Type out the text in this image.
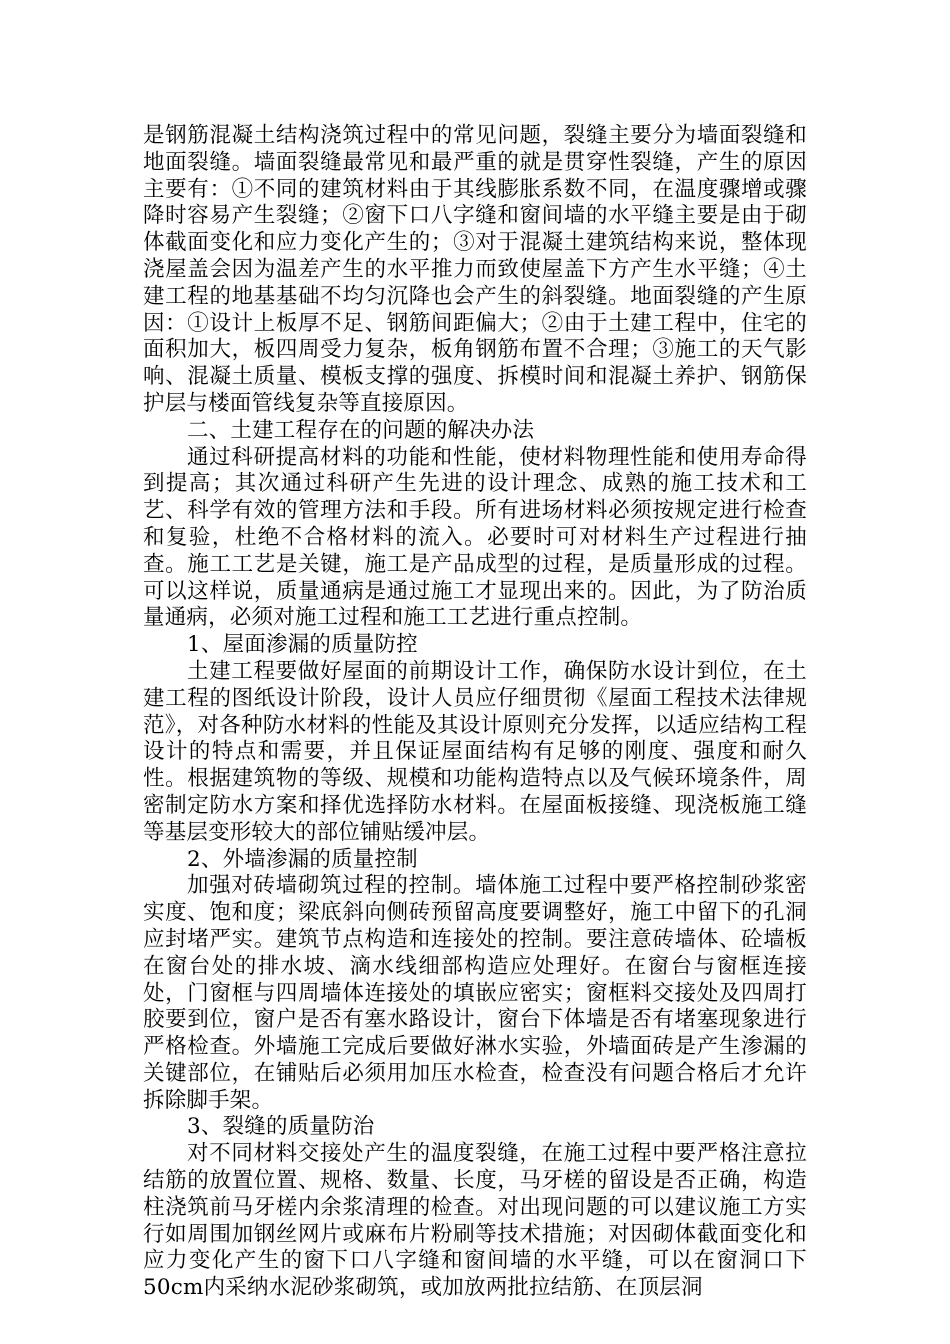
是钢筋混凝土结构浇筑过程中的常见问题，裂缝主要分为墙面裂缝和地面裂缝。墙面裂缝最常见和最严重的就是贯穿性裂缝，产生的原因主要有：①不同的建筑材料由于其线膨胀系数不同，在温度骤增或骤降时容易产生裂缝；②窗下口八字缝和窗间墙的水平缝主要是由于砌体截面变化和应力变化产生的；③对于混凝土建筑结构来说，整体现浇屋盖会因为温差产生的水平推力而致使屋盖下方产生水平缝；④土建工程的地基基础不均匀沉降也会产生的斜裂缝。地面裂缝的产生原因：①设计上板厚不足、钢筋间距偏大；②由于土建工程中，住宅的面积加大，板四周受力复杂，板角钢筋布置不合理；③施工的天气影响、混凝土质量、模板支撑的强度、拆模时间和混凝土养护、钢筋保护层与楼面管线复杂等直接原因。

二、土建工程存在的问题的解决办法

通过科研提高材料的功能和性能，使材料物理性能和使用寿命得到提高；其次通过科研产生先进的设计理念、成熟的施工技术和工艺、科学有效的管理方法和手段。所有进场材料必须按规定进行检查和复验，杜绝不合格材料的流入。必要时可对材料生产过程进行抽查。施工工艺是关键，施工是产品成型的过程，是质量形成的过程。可以这样说，质量通病是通过施工才显现出来的。因此，为了防治质量通病，必须对施工过程和施工工艺进行重点控制。

1、屋面渗漏的质量防控

土建工程要做好屋面的前期设计工作，确保防水设计到位，在土建工程的图纸设计阶段，设计人员应仔细贯彻《屋面工程技术法律规范》，对各种防水材料的性能及其设计原则充分发挥，以适应结构工程设计的特点和需要，并且保证屋面结构有足够的刚度、强度和耐久性。根据建筑物的等级、规模和功能构造特点以及气候环境条件，周密制定防水方案和择优选择防水材料。在屋面板接缝、现浇板施工缝等基层变形较大的部位铺贴缓冲层。

2、外墙渗漏的质量控制

加强对砖墙砌筑过程的控制。墙体施工过程中要严格控制砂浆密实度、饱和度；梁底斜向侧砖预留高度要调整好，施工中留下的孔洞应封堵严实。建筑节点构造和连接处的控制。要注意砖墙体、砼墙板在窗台处的排水坡、滴水线细部构造应处理好。在窗台与窗框连接处，门窗框与四周墙体连接处的填嵌应密实；窗框料交接处及四周打胶要到位，窗户是否有塞水路设计，窗台下体墙是否有堵塞现象进行严格检查。外墙施工完成后要做好淋水实验，外墙面砖是产生渗漏的关键部位，在铺贴后必须用加压水检查，检查没有问题合格后才允许拆除脚手架。

3、裂缝的质量防治

对不同材料交接处产生的温度裂缝，在施工过程中要严格注意拉结筋的放置位置、规格、数量、长度，马牙槎的留设是否正确，构造柱浇筑前马牙槎内余浆清理的检查。对出现问题的可以建议施工方实行如周围加钢丝网片或麻布片粉刷等技术措施；对因砌体截面变化和应力变化产生的窗下口八字缝和窗间墙的水平缝，可以在窗洞口下50cm内采纳水泥砂浆砌筑，或加放两批拉结筋、在顶层洞
